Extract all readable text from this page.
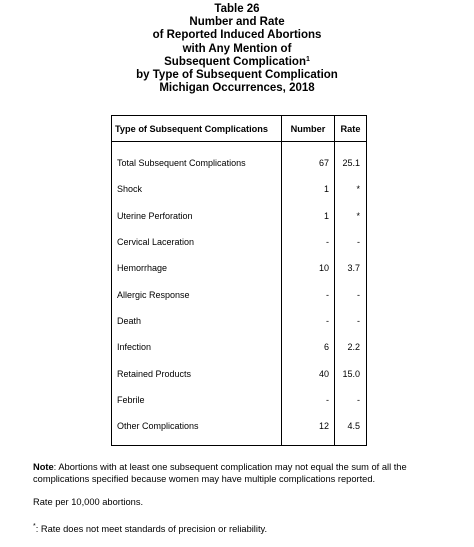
Table 26
Number and Rate
of Reported Induced Abortions
with Any Mention of
Subsequent Complication$^1$
by Type of Subsequent Complication
Michigan Occurrences, 2018
Type of Subsequent Complications	Number	Rate

Total Subsequent Complications	67	25.1
Shock	1	*
Uterine Perforation	1	*
Cervical Laceration	-	-
Hemorrhage	10	3.7
Allergic Response	-	-
Death	-	-
Infection	6	2.2
Retained Products	40	15.0
Febrile	-	-
Other Complications	12	4.5

Note: Abortions with at least one subsequent complication may not equal the sum of all the complications specified because women may have multiple complications reported.

Rate per 10,000 abortions.

*: Rate does not meet standards of precision or reliability.
